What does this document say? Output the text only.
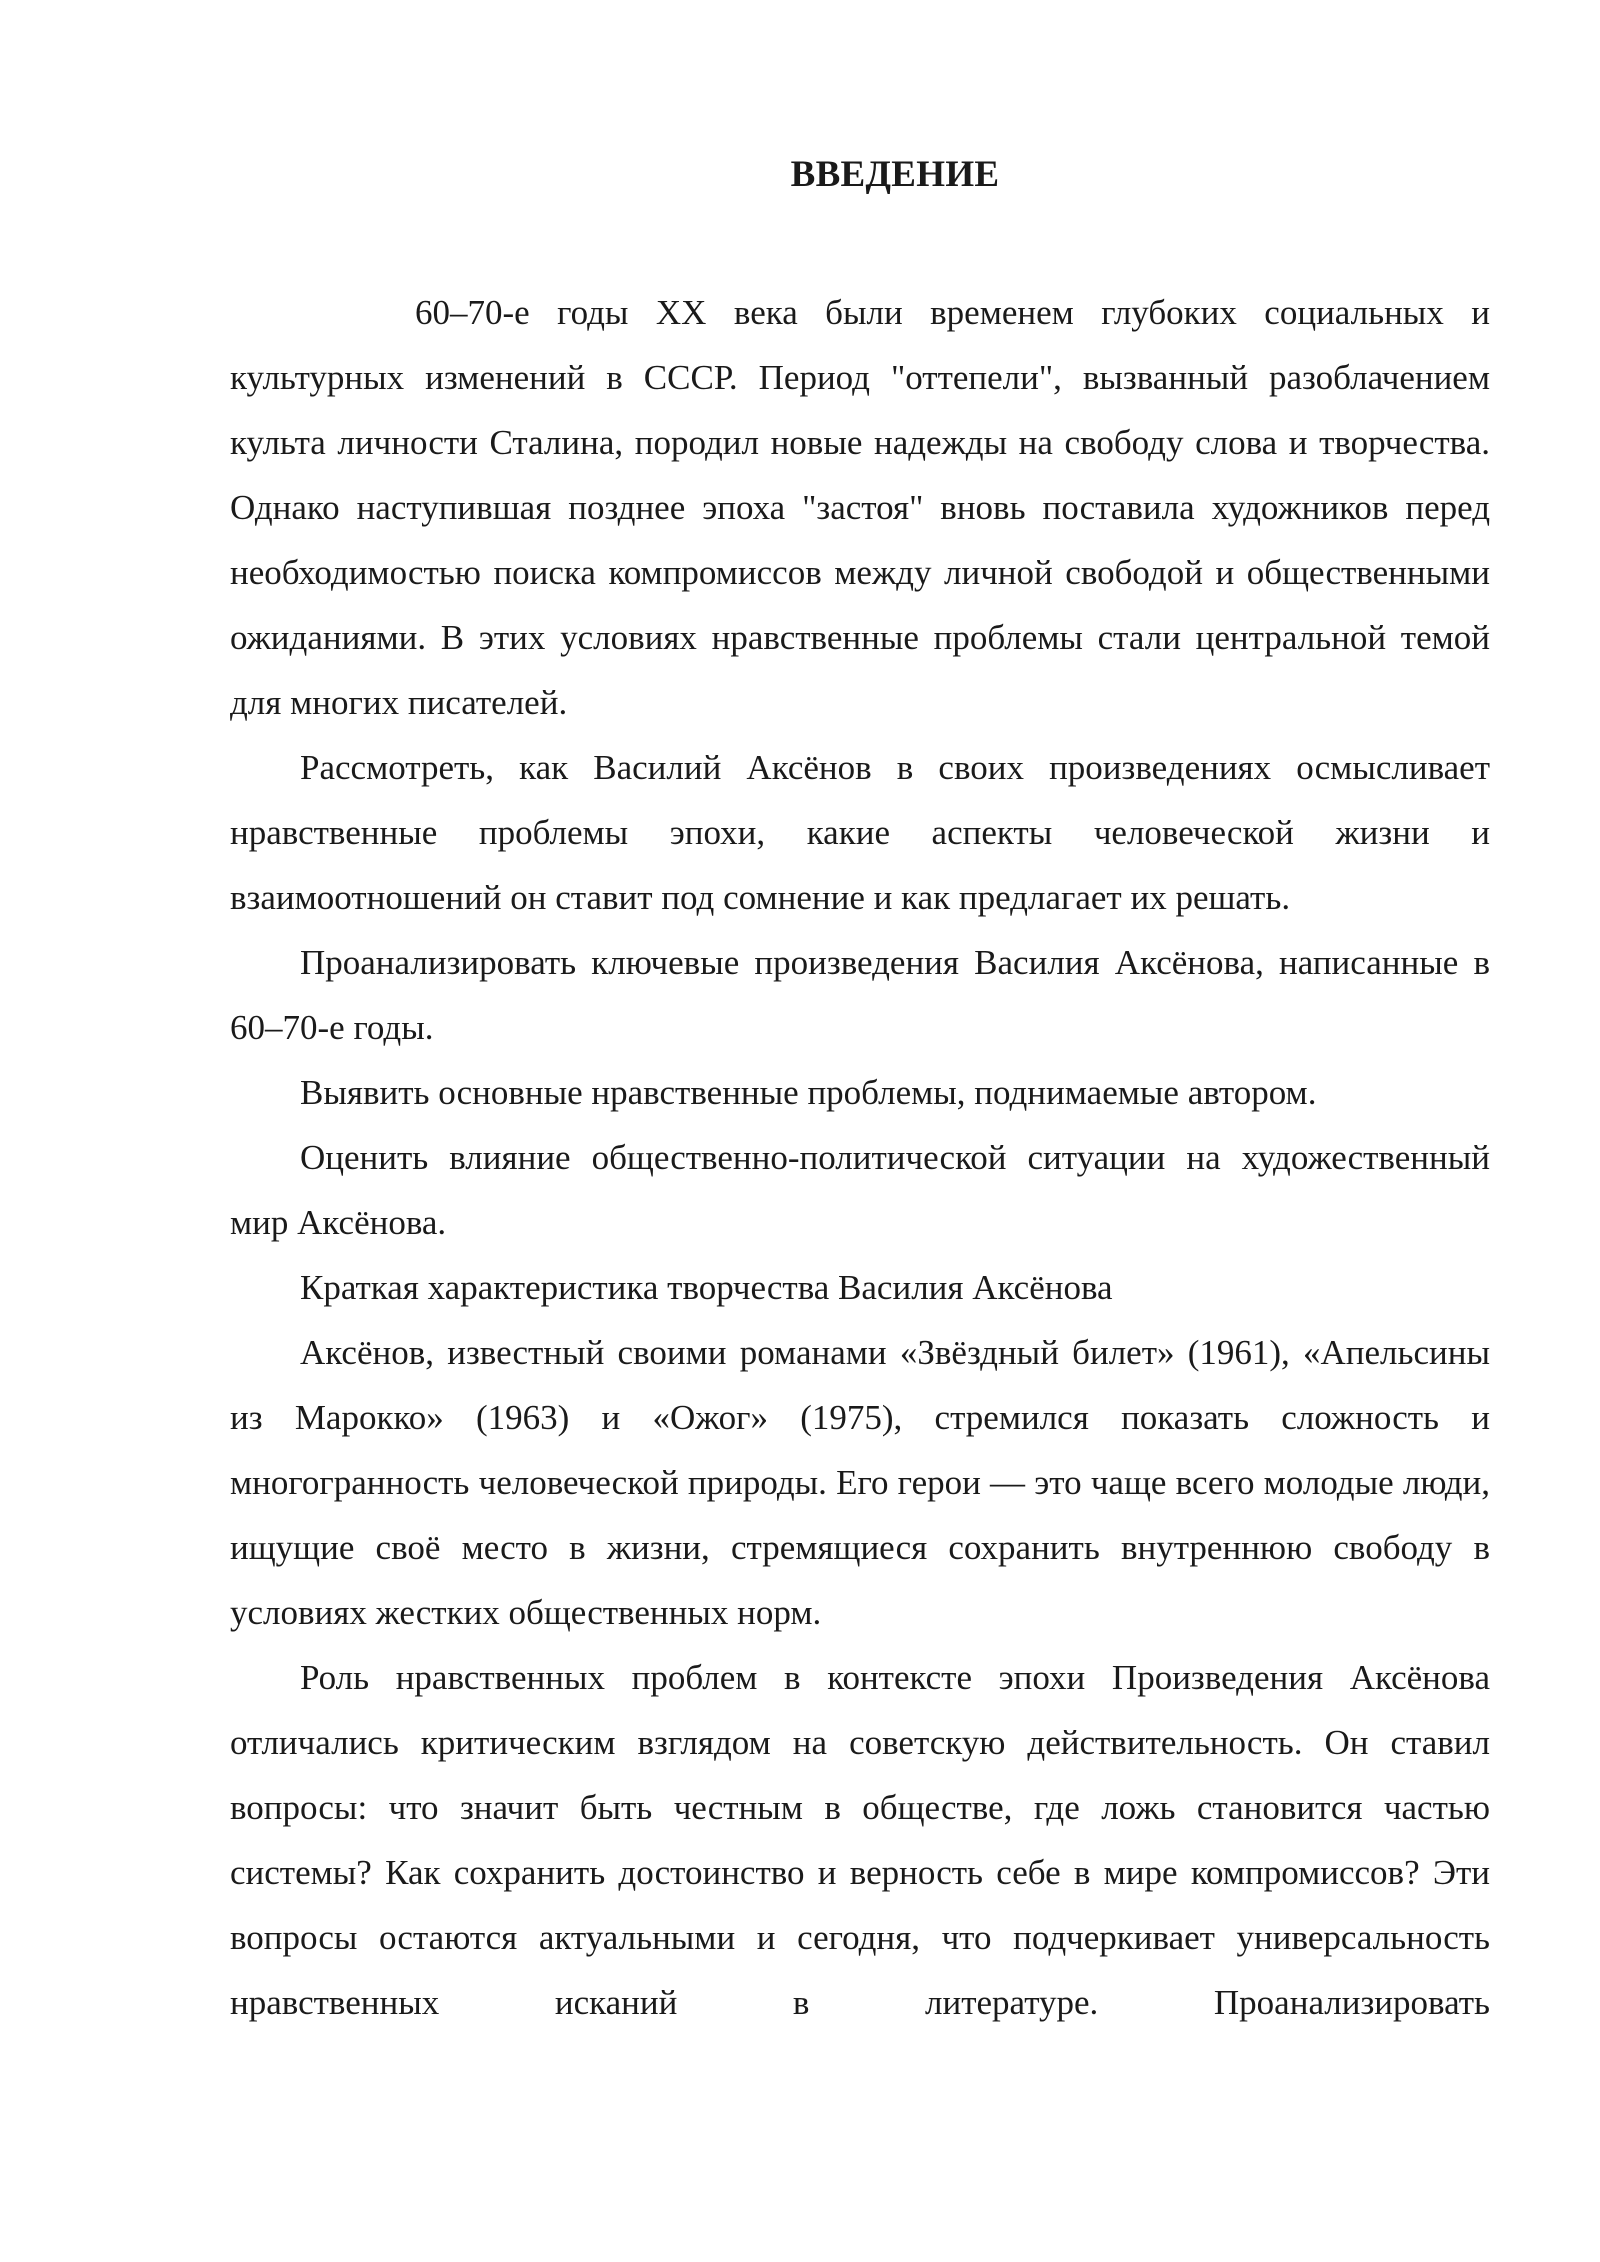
ВВЕДЕНИЕ

60–70-е годы XX века были временем глубоких социальных и культурных изменений в СССР. Период "оттепели", вызванный разоблачением культа личности Сталина, породил новые надежды на свободу слова и творчества. Однако наступившая позднее эпоха "застоя" вновь поставила художников перед необходимостью поиска компромиссов между личной свободой и общественными ожиданиями. В этих условиях нравственные проблемы стали центральной темой для многих писателей.

Рассмотреть, как Василий Аксёнов в своих произведениях осмысливает нравственные проблемы эпохи, какие аспекты человеческой жизни и взаимоотношений он ставит под сомнение и как предлагает их решать.

Проанализировать ключевые произведения Василия Аксёнова, написанные в 60–70-е годы.

Выявить основные нравственные проблемы, поднимаемые автором.

Оценить влияние общественно-политической ситуации на художественный мир Аксёнова.

Краткая характеристика творчества Василия Аксёнова

Аксёнов, известный своими романами «Звёздный билет» (1961), «Апельсины из Марокко» (1963) и «Ожог» (1975), стремился показать сложность и многогранность человеческой природы. Его герои — это чаще всего молодые люди, ищущие своё место в жизни, стремящиеся сохранить внутреннюю свободу в условиях жестких общественных норм.

Роль нравственных проблем в контексте эпохи Произведения Аксёнова отличались критическим взглядом на советскую действительность. Он ставил вопросы: что значит быть честным в обществе, где ложь становится частью системы? Как сохранить достоинство и верность себе в мире компромиссов? Эти вопросы остаются актуальными и сегодня, что подчеркивает универсальность нравственных исканий в литературе. Проанализировать
